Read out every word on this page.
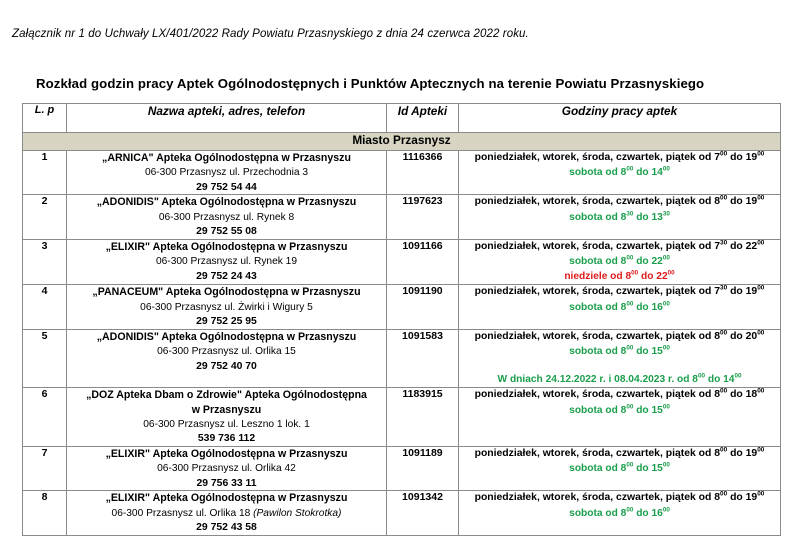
Załącznik nr 1 do Uchwały LX/401/2022 Rady Powiatu Przasnyskiego z dnia 24 czerwca 2022 roku.
Rozkład godzin pracy Aptek Ogólnodostępnych i Punktów Aptecznych na terenie Powiatu Przasnyskiego
L. p	Nazwa apteki, adres, telefon	Id Apteki	Godziny pracy aptek
Miasto Przasnysz			
1	„ARNICA" Apteka Ogólnodostępna w Przasnyszu
06-300 Przasnysz ul. Przechodnia 3
29 752 54 44	1116366	poniedziałek, wtorek, środa, czwartek, piątek od $7^{00}$ do $19^{00}$
sobota od $8^{00}$ do $14^{00}$

2	„ADONIDIS" Apteka Ogólnodostępna w Przasnyszu
06-300 Przasnysz ul. Rynek 8
29 752 55 08	1197623	poniedziałek, wtorek, środa, czwartek, piątek od $8^{00}$ do $19^{00}$
sobota od $8^{30}$ do $13^{30}$

3	„ELIXIR" Apteka Ogólnodostępna w Przasnyszu
06-300 Przasnysz ul. Rynek 19
29 752 24 43	1091166	poniedziałek, wtorek, środa, czwartek, piątek od $7^{30}$ do $22^{00}$
sobota od $8^{00}$ do $22^{00}$
niedziele od $8^{00}$ do $22^{00}$

4	„PANACEUM" Apteka Ogólnodostępna w Przasnyszu
06-300 Przasnysz ul. Żwirki i Wigury 5
29 752 25 95	1091190	poniedziałek, wtorek, środa, czwartek, piątek od $7^{30}$ do $19^{00}$
sobota od $8^{00}$ do $16^{00}$

5	„ADONIDIS" Apteka Ogólnodostępna w Przasnyszu
06-300 Przasnysz ul. Orlika 15
29 752 40 70	1091583	poniedziałek, wtorek, środa, czwartek, piątek od $8^{00}$ do $20^{00}$
sobota od $8^{00}$ do $15^{00}$
W dniach 24.12.2022 r. i 08.04.2023 r. od $8^{00}$ do $14^{00}$

6	„DOZ Apteka Dbam o Zdrowie" Apteka Ogólnodostępna
w Przasnyszu
06-300 Przasnysz ul. Leszno 1 lok. 1
539 736 112	1183915	poniedziałek, wtorek, środa, czwartek, piątek od $8^{00}$ do $18^{00}$
sobota od $8^{00}$ do $15^{00}$

7	„ELIXIR" Apteka Ogólnodostępna w Przasnyszu
06-300 Przasnysz ul. Orlika 42
29 756 33 11	1091189	poniedziałek, wtorek, środa, czwartek, piątek od $8^{00}$ do $19^{00}$
sobota od $8^{00}$ do $15^{00}$

8	„ELIXIR" Apteka Ogólnodostępna w Przasnyszu
06-300 Przasnysz ul. Orlika 18 (Pawilon Stokrotka)
29 752 43 58	1091342	poniedziałek, wtorek, środa, czwartek, piątek od $8^{00}$ do $19^{00}$
sobota od $8^{00}$ do $16^{00}$
